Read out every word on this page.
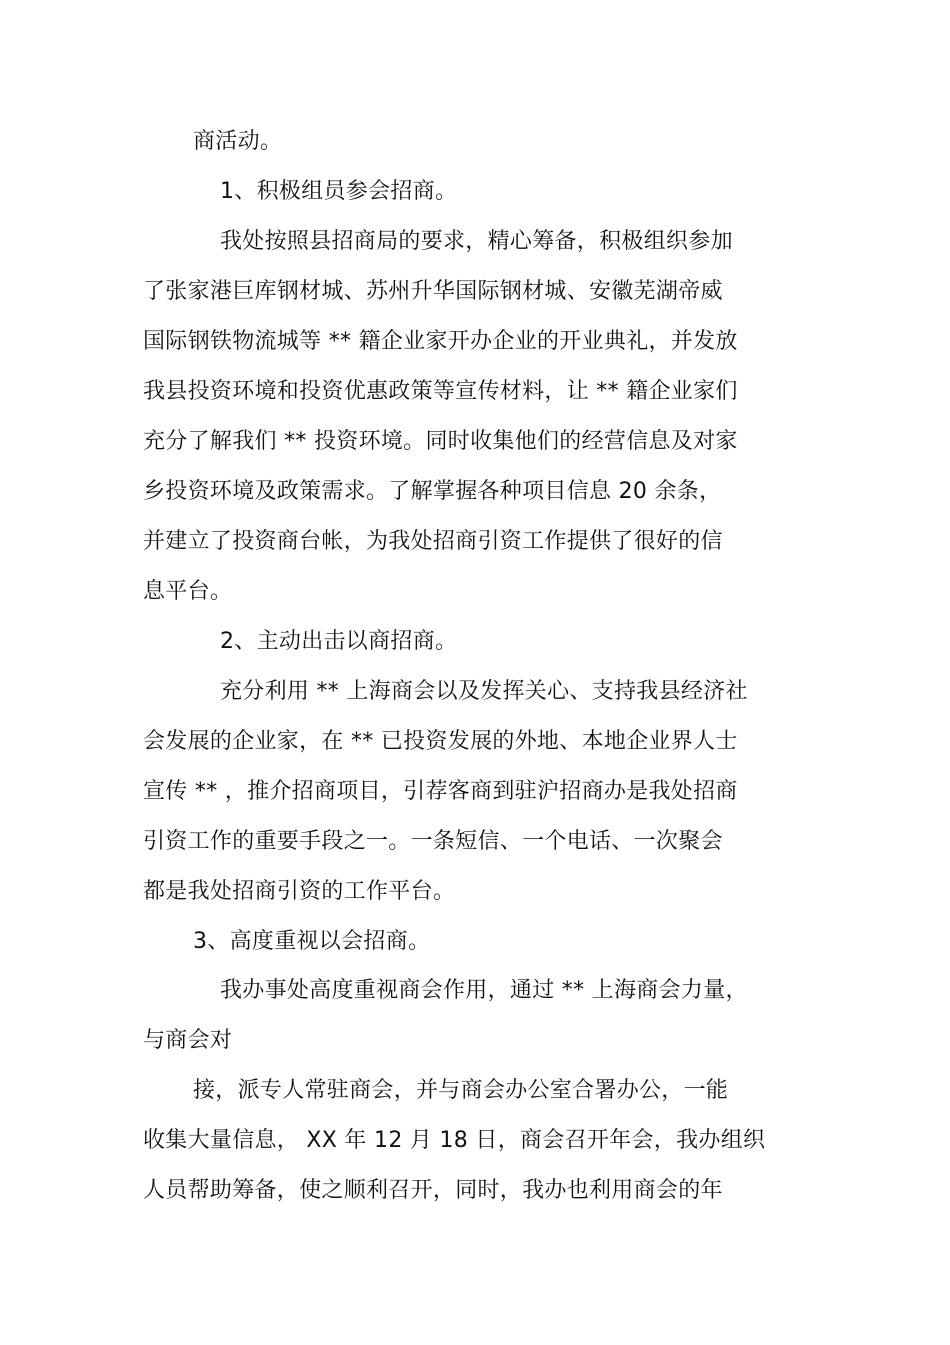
商活动。
1、积极组员参会招商。
我处按照县招商局的要求，精心筹备，积极组织参加
了张家港巨库钢材城、苏州升华国际钢材城、安徽芜湖帝威
国际钢铁物流城等 ** 籍企业家开办企业的开业典礼，并发放
我县投资环境和投资优惠政策等宣传材料，让 ** 籍企业家们
充分了解我们 ** 投资环境。同时收集他们的经营信息及对家
乡投资环境及政策需求。了解掌握各种项目信息 20 余条，
并建立了投资商台帐，为我处招商引资工作提供了很好的信
息平台。
2、主动出击以商招商。
充分利用 ** 上海商会以及发挥关心、支持我县经济社
会发展的企业家，在 ** 已投资发展的外地、本地企业界人士
宣传 ** ，推介招商项目，引荐客商到驻沪招商办是我处招商
引资工作的重要手段之一。一条短信、一个电话、一次聚会
都是我处招商引资的工作平台。
3、高度重视以会招商。
我办事处高度重视商会作用，通过 ** 上海商会力量，
与商会对
接，派专人常驻商会，并与商会办公室合署办公，一能
收集大量信息， XX 年 12 月 18 日，商会召开年会，我办组织
人员帮助筹备，使之顺利召开，同时，我办也利用商会的年
